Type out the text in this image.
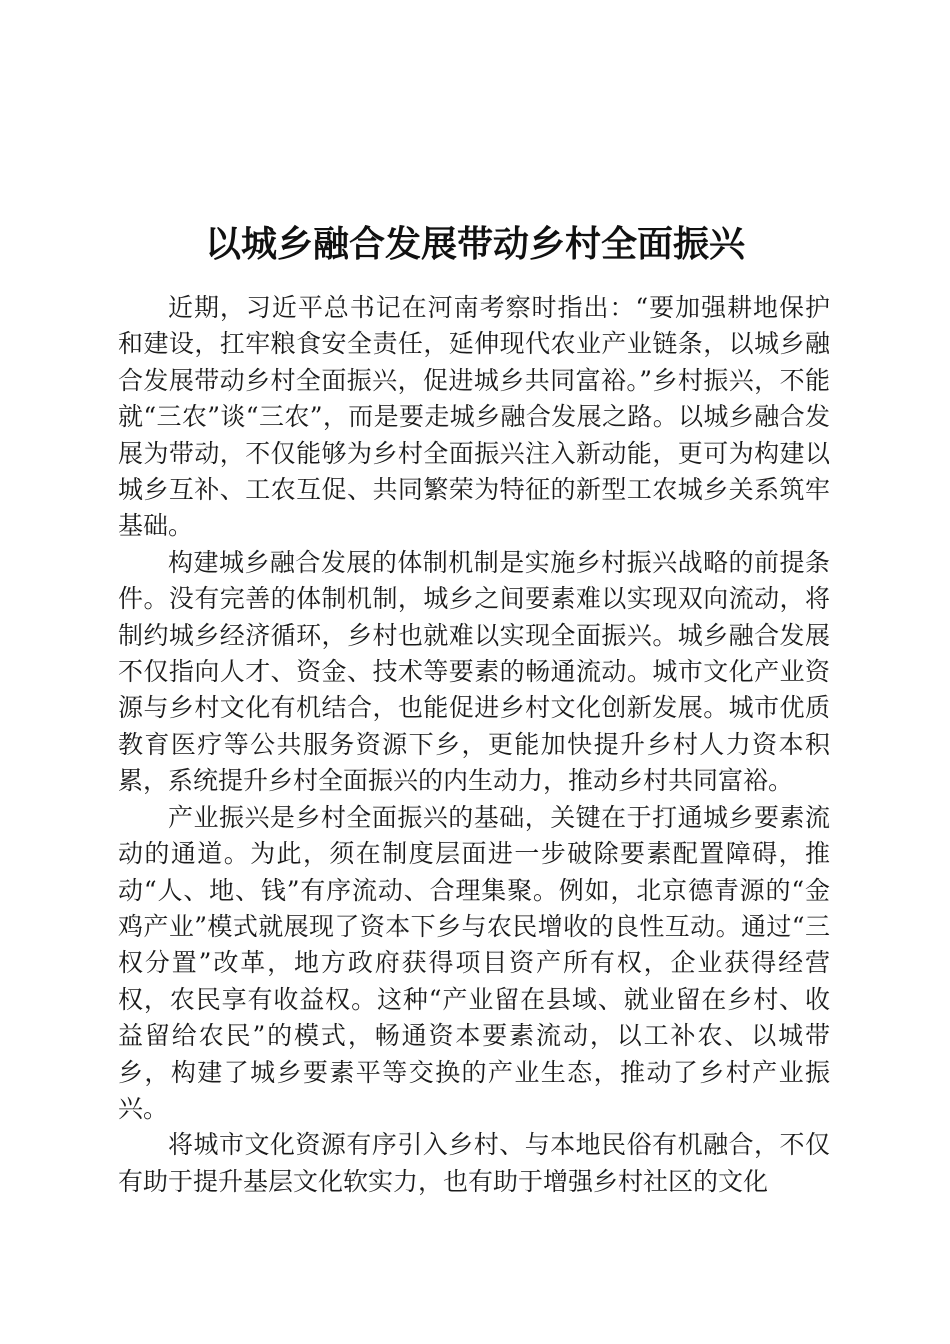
以城乡融合发展带动乡村全面振兴

近期，习近平总书记在河南考察时指出：“要加强耕地保护和建设，扛牢粮食安全责任，延伸现代农业产业链条，以城乡融合发展带动乡村全面振兴，促进城乡共同富裕。”乡村振兴，不能就“三农”谈“三农”，而是要走城乡融合发展之路。以城乡融合发展为带动，不仅能够为乡村全面振兴注入新动能，更可为构建以城乡互补、工农互促、共同繁荣为特征的新型工农城乡关系筑牢基础。

构建城乡融合发展的体制机制是实施乡村振兴战略的前提条件。没有完善的体制机制，城乡之间要素难以实现双向流动，将制约城乡经济循环，乡村也就难以实现全面振兴。城乡融合发展不仅指向人才、资金、技术等要素的畅通流动。城市文化产业资源与乡村文化有机结合，也能促进乡村文化创新发展。城市优质教育医疗等公共服务资源下乡，更能加快提升乡村人力资本积累，系统提升乡村全面振兴的内生动力，推动乡村共同富裕。

产业振兴是乡村全面振兴的基础，关键在于打通城乡要素流动的通道。为此，须在制度层面进一步破除要素配置障碍，推动“人、地、钱”有序流动、合理集聚。例如，北京德青源的“金鸡产业”模式就展现了资本下乡与农民增收的良性互动。通过“三权分置”改革，地方政府获得项目资产所有权，企业获得经营权，农民享有收益权。这种“产业留在县域、就业留在乡村、收益留给农民”的模式，畅通资本要素流动，以工补农、以城带乡，构建了城乡要素平等交换的产业生态，推动了乡村产业振兴。

将城市文化资源有序引入乡村、与本地民俗有机融合，不仅有助于提升基层文化软实力，也有助于增强乡村社区的文化
